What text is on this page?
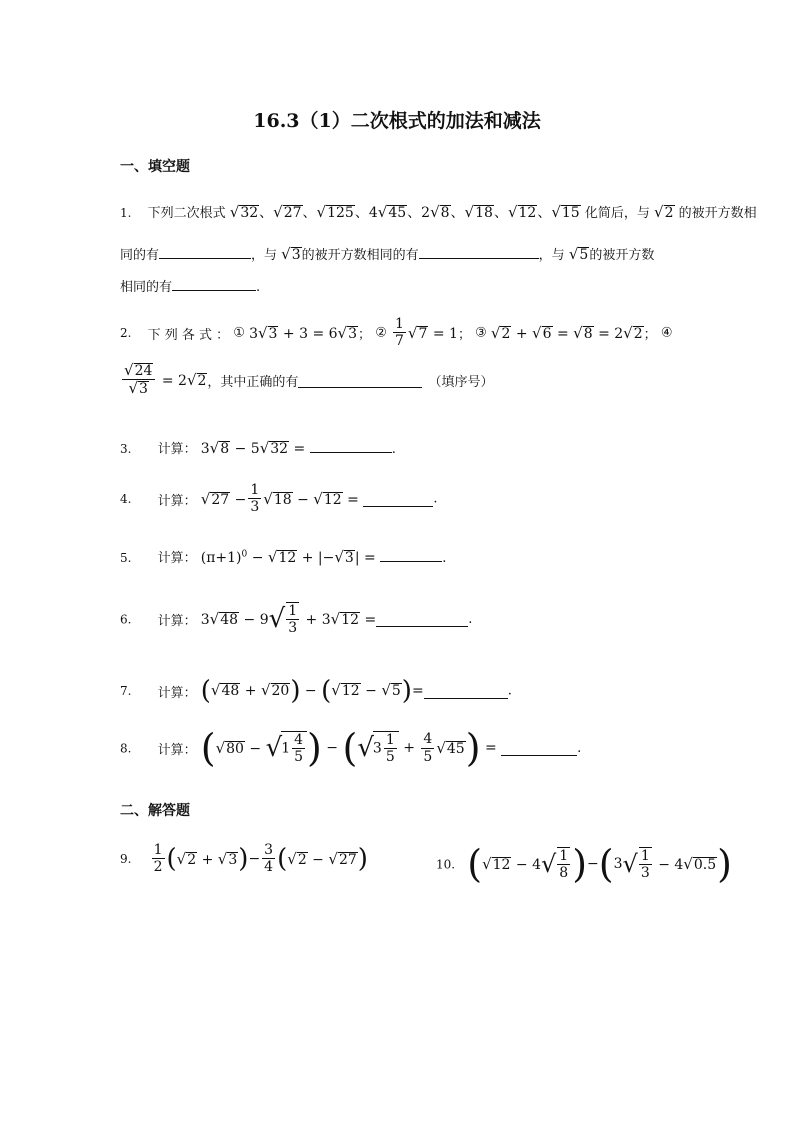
16.3（1）二次根式的加法和减法
一、填空题
1. 下列二次根式 √32、√27、√125、4√45、2√8、√18、√12、√15 化简后，与 √2 的被开方数相
同的有	，与 √3的被开方数相同的有	，与 √5的被开方数
相同的有	.
2. 下 列 各 式 ： ① 3√3 + 3 = 6√3； ② $\frac{1}{7} √7 = 1$； ③ √2 + √6 = √8 = 2√2； ④
$\frac{√24}{√3} = 2√2$，其中正确的有	（填序号）
3. 计算： 3√8 − 5√32 =	.
4. 计算： $√27 - \frac{1}{3} √18 - √12$ =	.
5. 计算： $(\pi+1)^0 - √12 + |-√3|$ =	.
6. 计算： $3√48 - 9√ \frac{1}{3} + 3√12$ =	.
7. 计算： (√48 + √20) − (√12 − √5)=	.
8. 计算： ($√80 - √1 \frac{4}{5}$ ) − $(√3 \frac{1}{5} + \frac{4}{5} √45)$ =	.
二、解答题
9. $\frac{1}{2} (√2 + √3)- \frac{3}{4} (√2 - √27)$	10. $(√12 - 4√ \frac{1}{8} )-(3√ \frac{1}{3} - 4√0.5)$
